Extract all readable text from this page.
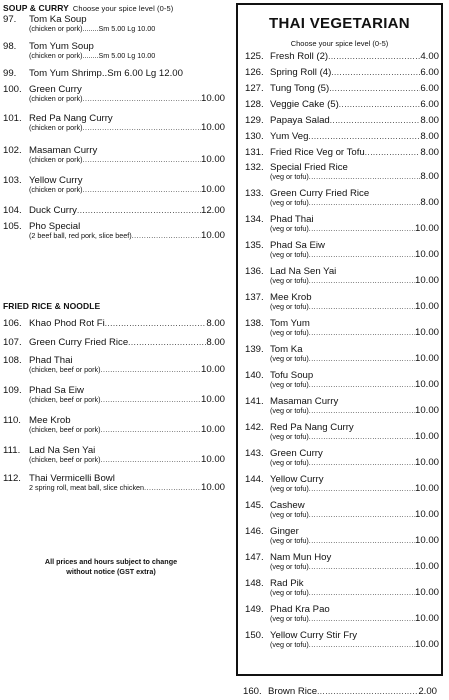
SOUP & CURRY Choose your spice level (0-5)
97.	Tom Ka Soup
(chicken or pork)........Sm 5.00 Lg 10.00
98.	Tom Yum Soup
(chicken or pork)........Sm 5.00 Lg 10.00
99.	Tom Yum Shrimp..Sm 6.00 Lg 12.00
100. Green Curry
(chicken or pork) .....	10.00
101. Red Pa Nang Curry
(chicken or pork) .....	10.00
102. Masaman Curry
(chicken or pork) .....	10.00
103. Yellow Curry
(chicken or pork) .....	10.00
104. Duck Curry .....	12.00
105. Pho Special
(2 beef ball, red pork, slice beef) .....	10.00
FRIED RICE & NOODLE
106. Khao Phod Rot Fi .....	8.00
107. Green Curry Fried Rice .....	8.00
108. Phad Thai
(chicken, beef or pork) .....	10.00
109. Phad Sa Eiw
(chicken, beef or pork) .....	10.00
110. Mee Krob
(chicken, beef or pork) .....	10.00
111. Lad Na Sen Yai
(chicken, beef or pork) .....	10.00
112. Thai Vermicelli Bowl
2 spring roll, meat ball, slice chicken .....	10.00
All prices and hours subject to change
without notice (GST extra)
THAI VEGETARIAN
Choose your spice level (0-5)
125. Fresh Roll (2) .....	4.00
126. Spring Roll (4) .....	6.00
127. Tung Tong (5) .....	6.00
128. Veggie Cake (5) .....	6.00
129. Papaya Salad .....	8.00
130. Yum Veg .....	8.00
131. Fried Rice Veg or Tofu .....	8.00
132. Special Fried Rice
(veg or tofu) .....	8.00
133. Green Curry Fried Rice
(veg or tofu) .....	8.00
134. Phad Thai
(veg or tofu) .....	10.00
135. Phad Sa Eiw
(veg or tofu) .....	10.00
136. Lad Na Sen Yai
(veg or tofu) .....	10.00
137. Mee Krob
(veg or tofu) .....	10.00
138. Tom Yum
(veg or tofu) .....	10.00
139. Tom Ka
(veg or tofu) .....	10.00
140. Tofu Soup
(veg or tofu) .....	10.00
141. Masaman Curry
(veg or tofu) .....	10.00
142. Red Pa Nang Curry
(veg or tofu) .....	10.00
143. Green Curry
(veg or tofu) .....	10.00
144. Yellow Curry
(veg or tofu) .....	10.00
145. Cashew
(veg or tofu) .....	10.00
146. Ginger
(veg or tofu) .....	10.00
147. Nam Mun Hoy
(veg or tofu) .....	10.00
148. Rad Pik
(veg or tofu) .....	10.00
149. Phad Kra Pao
(veg or tofu) .....	10.00
150. Yellow Curry Stir Fry
(veg or tofu) .....	10.00
160. Brown Rice .....	2.00
